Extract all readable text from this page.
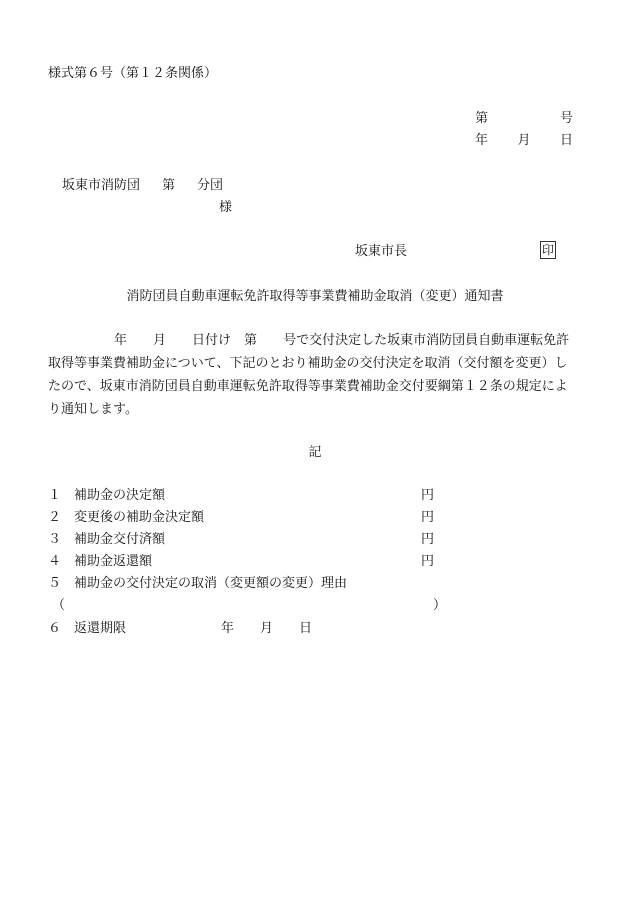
様式第６号（第１２条関係）
第	号
年 月 日
坂東市消防団 第 分団
様
坂東市長	印
消防団員自動車運転免許取得等事業費補助金取消（変更）通知書
年 月 日付け 第 号で交付決定した坂東市消防団員自動車運転免許
取得等事業費補助金について、下記のとおり補助金の交付決定を取消（交付額を変更）し
たので、坂東市消防団員自動車運転免許取得等事業費補助金交付要綱第１２条の規定によ
り通知します。
記
１ 補助金の決定額	円
２ 変更後の補助金決定額	円
３ 補助金交付済額	円
４ 補助金返還額	円
５ 補助金の交付決定の取消（変更額の変更）理由
（	）
６ 返還期限	年 月 日
